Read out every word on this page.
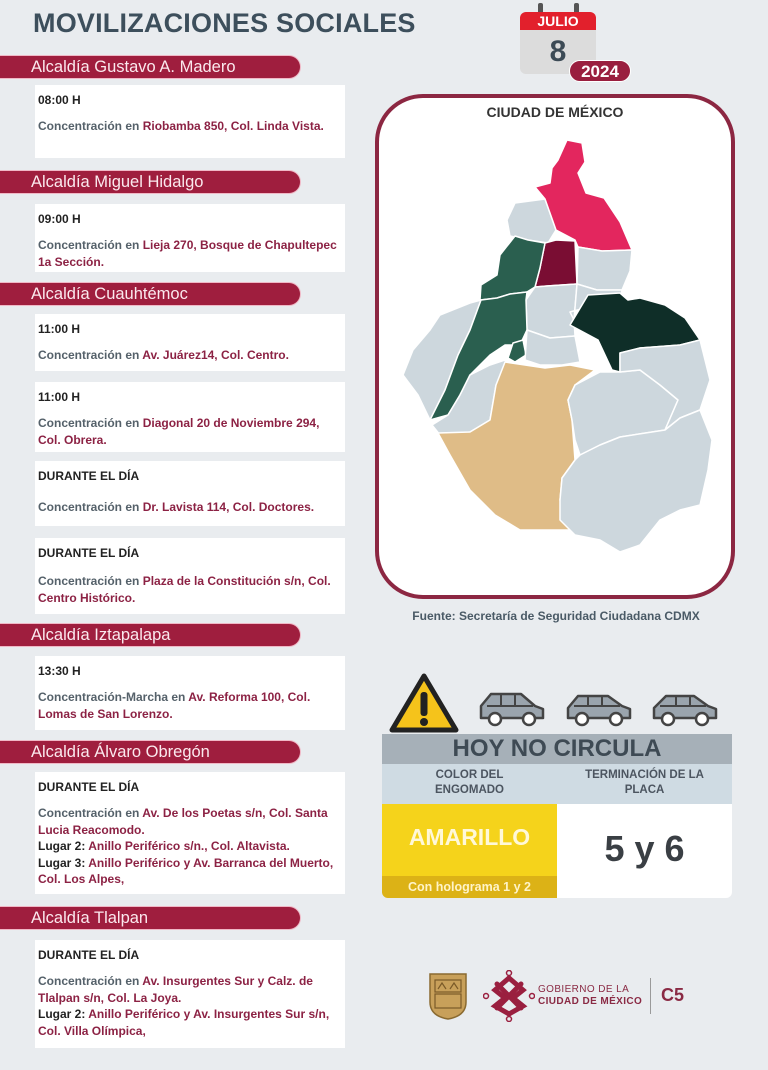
MOVILIZACIONES SOCIALES	JULIO
8
2024
Alcaldía Gustavo A. Madero
08:00 H
Concentración en Riobamba 850, Col. Linda Vista.
Alcaldía Miguel Hidalgo
09:00 H
Concentración en Lieja 270, Bosque de Chapultepec 1a Sección.
Alcaldía Cuauhtémoc
11:00 H
Concentración en Av. Juárez14, Col. Centro.
11:00 H
Concentración en Diagonal 20 de Noviembre 294, Col. Obrera.
DURANTE EL DÍA
Concentración en Dr. Lavista 114, Col. Doctores.
DURANTE EL DÍA
Concentración en Plaza de la Constitución s/n, Col. Centro Histórico.
Alcaldía Iztapalapa
13:30 H
Concentración-Marcha en Av. Reforma 100, Col. Lomas de San Lorenzo.
Alcaldía Álvaro Obregón
DURANTE EL DÍA
Concentración en Av. De los Poetas s/n, Col. Santa Lucia Reacomodo.
Lugar 2: Anillo Periférico s/n., Col. Altavista.
Lugar 3: Anillo Periférico y Av. Barranca del Muerto, Col. Los Alpes,
Alcaldía Tlalpan
DURANTE EL DÍA
Concentración en Av. Insurgentes Sur y Calz. de Tlalpan s/n, Col. La Joya.
Lugar 2: Anillo Periférico y Av. Insurgentes Sur s/n, Col. Villa Olímpica,
CIUDAD DE MÉXICO
Fuente: Secretaría de Seguridad Ciudadana CDMX
HOY NO CIRCULA
COLOR DEL ENGOMADO
TERMINACIÓN DE LA PLACA
AMARILLO
Con holograma 1 y 2
5 y 6
GOBIERNO DE LA
CIUDAD DE MÉXICO C5
